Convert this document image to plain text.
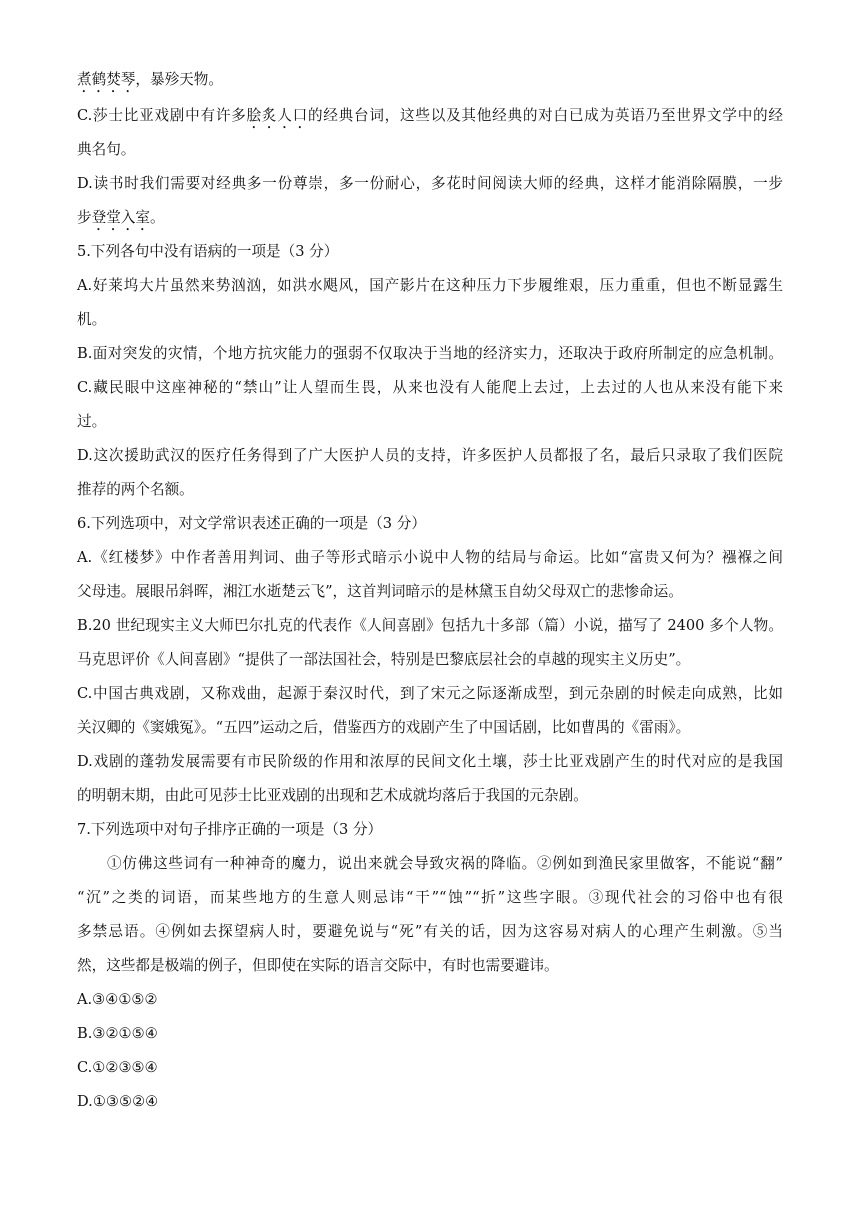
煮鹤焚琴，暴殄天物。
C.莎士比亚戏剧中有许多脍炙人口的经典台词，这些以及其他经典的对白已成为英语乃至世界文学中的经
典名句。
D.读书时我们需要对经典多一份尊崇，多一份耐心，多花时间阅读大师的经典，这样才能消除隔膜，一步
步登堂入室。
5.下列各句中没有语病的一项是（3 分）
A.好莱坞大片虽然来势汹汹，如洪水飓风，国产影片在这种压力下步履维艰，压力重重，但也不断显露生
机。
B.面对突发的灾情，个地方抗灾能力的强弱不仅取决于当地的经济实力，还取决于政府所制定的应急机制。
C.藏民眼中这座神秘的“禁山”让人望而生畏，从来也没有人能爬上去过，上去过的人也从来没有能下来
过。
D.这次援助武汉的医疗任务得到了广大医护人员的支持，许多医护人员都报了名，最后只录取了我们医院
推荐的两个名额。
6.下列选项中，对文学常识表述正确的一项是（3 分）
A.《红楼梦》中作者善用判词、曲子等形式暗示小说中人物的结局与命运。比如“富贵又何为？襁褓之间
父母违。展眼吊斜晖，湘江水逝楚云飞”，这首判词暗示的是林黛玉自幼父母双亡的悲惨命运。
B.20 世纪现实主义大师巴尔扎克的代表作《人间喜剧》包括九十多部（篇）小说，描写了 2400 多个人物。
马克思评价《人间喜剧》“提供了一部法国社会，特别是巴黎底层社会的卓越的现实主义历史”。
C.中国古典戏剧，又称戏曲，起源于秦汉时代，到了宋元之际逐渐成型，到元杂剧的时候走向成熟，比如
关汉卿的《窦娥冤》。“五四”运动之后，借鉴西方的戏剧产生了中国话剧，比如曹禺的《雷雨》。
D.戏剧的蓬勃发展需要有市民阶级的作用和浓厚的民间文化土壤，莎士比亚戏剧产生的时代对应的是我国
的明朝末期，由此可见莎士比亚戏剧的出现和艺术成就均落后于我国的元杂剧。
7.下列选项中对句子排序正确的一项是（3 分）
①仿佛这些词有一种神奇的魔力，说出来就会导致灾祸的降临。②例如到渔民家里做客，不能说“翻”
“沉”之类的词语，而某些地方的生意人则忌讳“干”“蚀”“折”这些字眼。③现代社会的习俗中也有很
多禁忌语。④例如去探望病人时，要避免说与“死”有关的话，因为这容易对病人的心理产生刺激。⑤当
然，这些都是极端的例子，但即使在实际的语言交际中，有时也需要避讳。
A.③④①⑤②
B.③②①⑤④
C.①②③⑤④
D.①③⑤②④
